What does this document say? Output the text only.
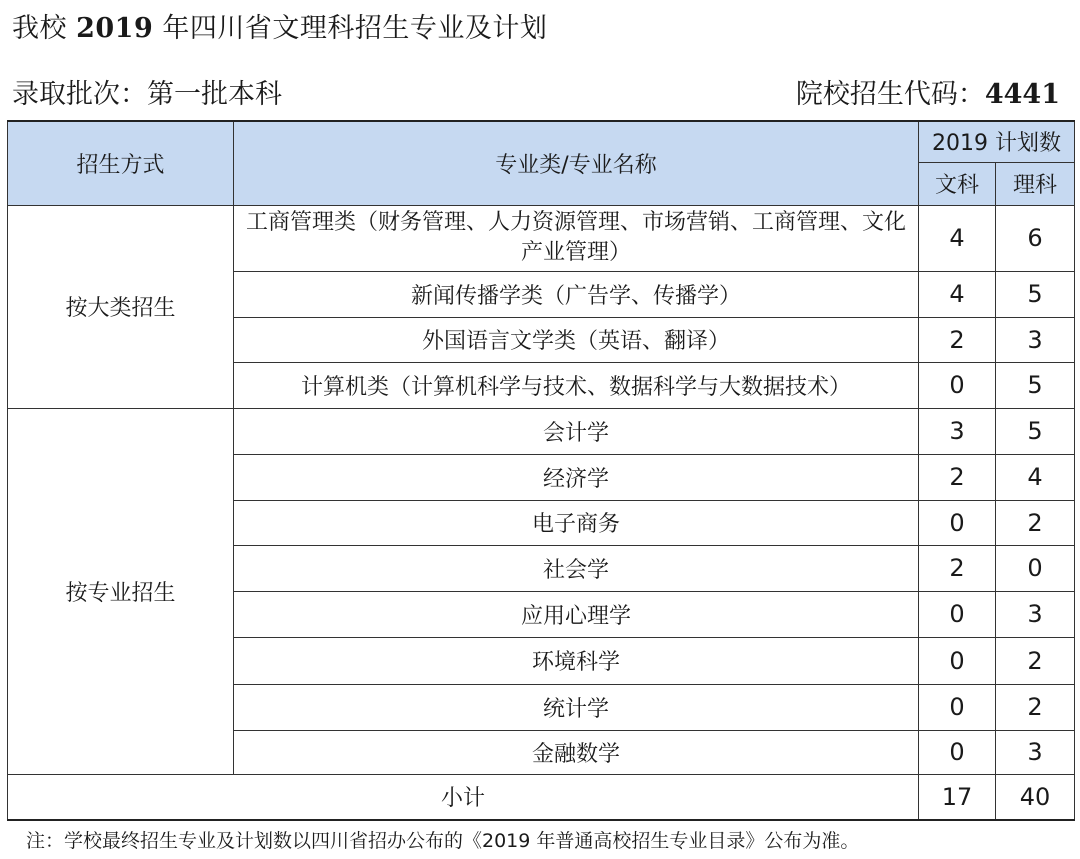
我校 2019 年四川省文理科招生专业及计划
录取批次：第一批本科	院校招生代码：4441
招生方式	专业类/专业名称	2019 计划数	
		文科	理科
按大类招生	工商管理类（财务管理、人力资源管理、市场营销、工商管理、文化产业管理）	4	6
	新闻传播学类（广告学、传播学）	4	5
	外国语言文学类（英语、翻译）	2	3
	计算机类（计算机科学与技术、数据科学与大数据技术）	0	5
按专业招生	会计学	3	5
	经济学	2	4
	电子商务	0	2
	社会学	2	0
	应用心理学	0	3
	环境科学	0	2
	统计学	0	2
	金融数学	0	3
小计		17	40
注：学校最终招生专业及计划数以四川省招办公布的《2019 年普通高校招生专业目录》公布为准。
